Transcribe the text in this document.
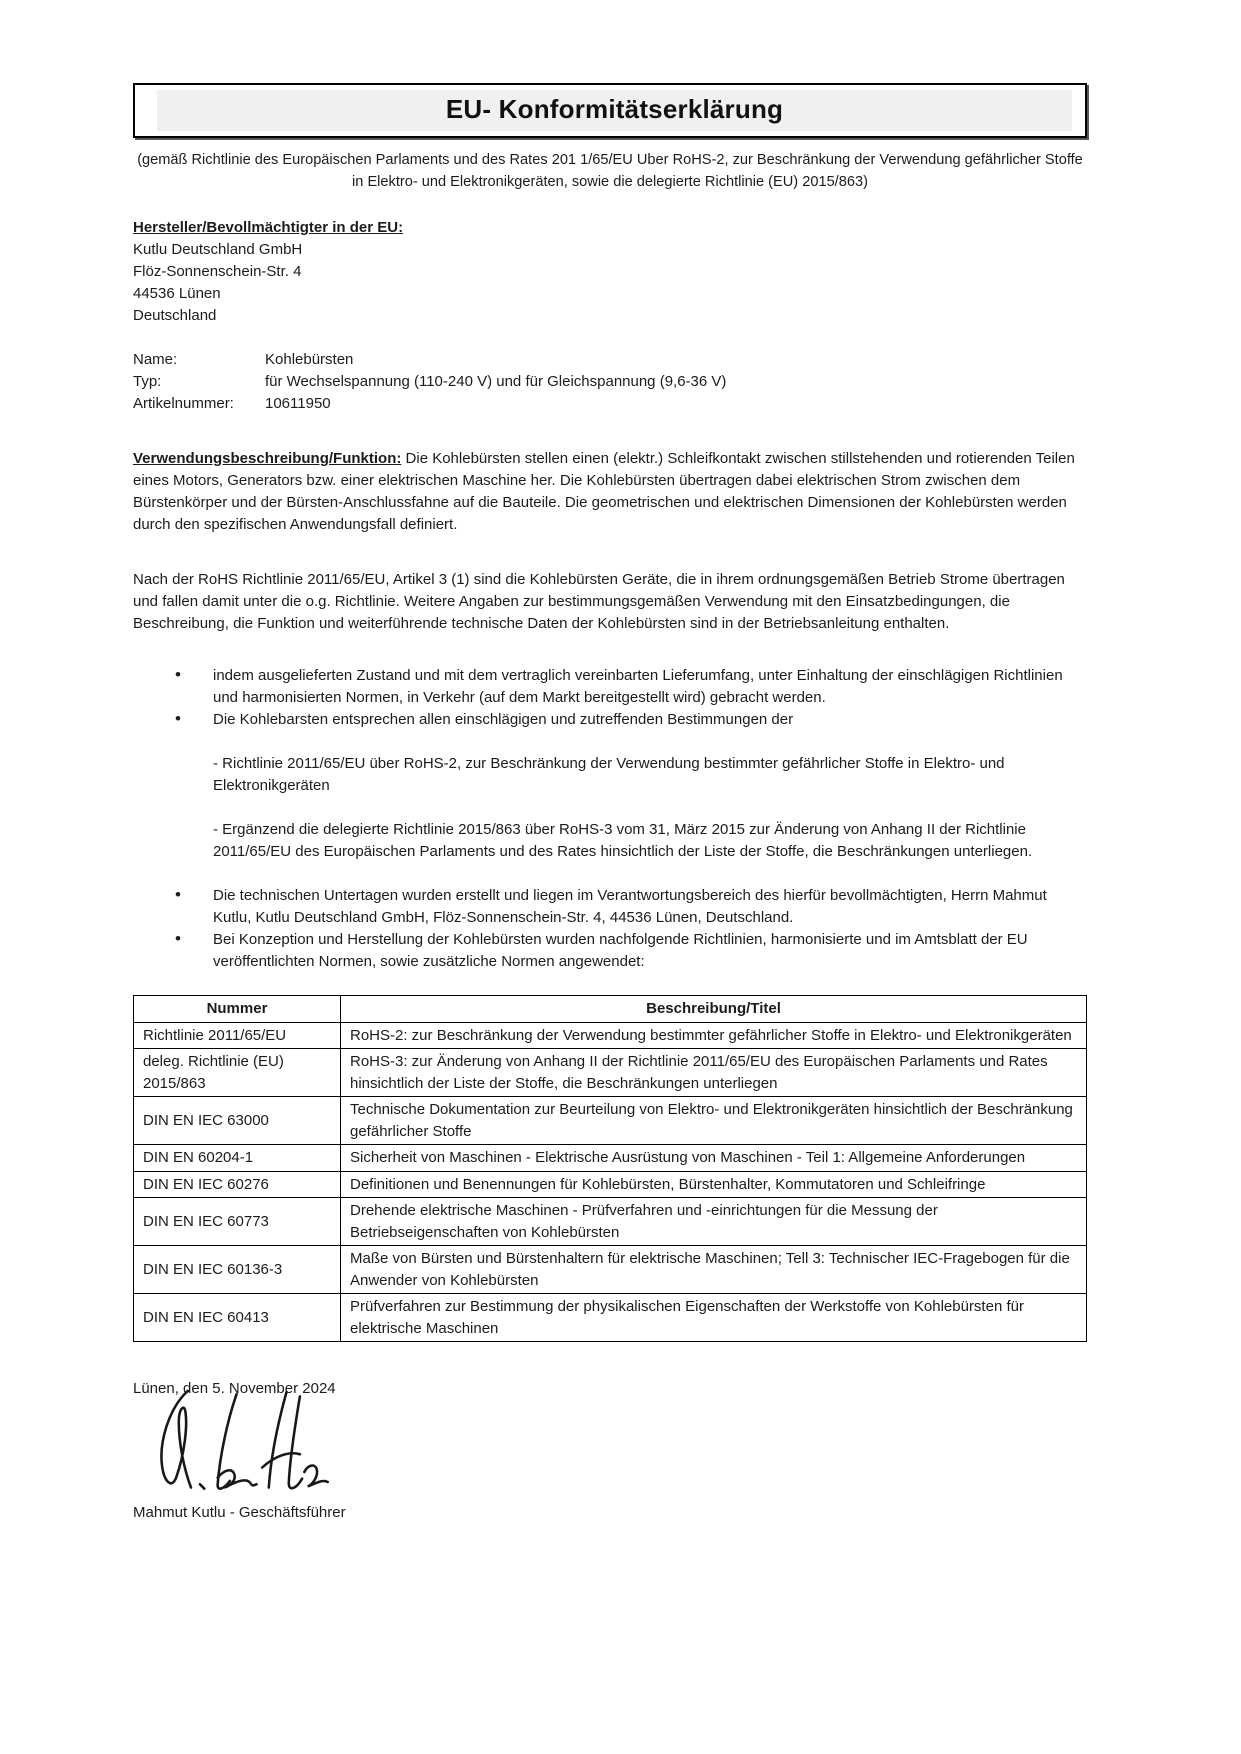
EU- Konformitätserklärung
(gemäß Richtlinie des Europäischen Parlaments und des Rates 201 1/65/EU Uber RoHS-2, zur Beschränkung der Verwendung gefährlicher Stoffe in Elektro- und Elektronikgeräten, sowie die delegierte Richtlinie (EU) 2015/863)
Hersteller/Bevollmächtigter in der EU:
Kutlu Deutschland GmbH
Flöz-Sonnenschein-Str. 4
44536 Lünen
Deutschland
Name:	Kohlebürsten
Typ:	für Wechselspannung (110-240 V) und für Gleichspannung (9,6-36 V)
Artikelnummer:	10611950
Verwendungsbeschreibung/Funktion: Die Kohlebürsten stellen einen (elektr.) Schleifkontakt zwischen stillstehenden und rotierenden Teilen eines Motors, Generators bzw. einer elektrischen Maschine her. Die Kohlebürsten übertragen dabei elektrischen Strom zwischen dem Bürstenkörper und der Bürsten-Anschlussfahne auf die Bauteile. Die geometrischen und elektrischen Dimensionen der Kohlebürsten werden durch den spezifischen Anwendungsfall definiert.
Nach der RoHS Richtlinie 2011/65/EU, Artikel 3 (1) sind die Kohlebürsten Geräte, die in ihrem ordnungsgemäßen Betrieb Strome übertragen und fallen damit unter die o.g. Richtlinie. Weitere Angaben zur bestimmungsgemäßen Verwendung mit den Einsatzbedingungen, die Beschreibung, die Funktion und weiterführende technische Daten der Kohlebürsten sind in der Betriebsanleitung enthalten.
• indem ausgelieferten Zustand und mit dem vertraglich vereinbarten Lieferumfang, unter Einhaltung der einschlägigen Richtlinien und harmonisierten Normen, in Verkehr (auf dem Markt bereitgestellt wird) gebracht werden.
• Die Kohlebarsten entsprechen allen einschlägigen und zutreffenden Bestimmungen der
- Richtlinie 2011/65/EU über RoHS-2, zur Beschränkung der Verwendung bestimmter gefährlicher Stoffe in Elektro- und Elektronikgeräten
- Ergänzend die delegierte Richtlinie 2015/863 über RoHS-3 vom 31, März 2015 zur Änderung von Anhang II der Richtlinie 2011/65/EU des Europäischen Parlaments und des Rates hinsichtlich der Liste der Stoffe, die Beschränkungen unterliegen.
• Die technischen Untertagen wurden erstellt und liegen im Verantwortungsbereich des hierfür bevollmächtigten, Herrn Mahmut Kutlu, Kutlu Deutschland GmbH, Flöz-Sonnenschein-Str. 4, 44536 Lünen, Deutschland.
• Bei Konzeption und Herstellung der Kohlebürsten wurden nachfolgende Richtlinien, harmonisierte und im Amtsblatt der EU veröffentlichten Normen, sowie zusätzliche Normen angewendet:
Nummer	Beschreibung/Titel
Richtlinie 2011/65/EU	RoHS-2: zur Beschränkung der Verwendung bestimmter gefährlicher Stoffe in Elektro- und Elektronikgeräten
deleg. Richtlinie (EU) 2015/863	RoHS-3: zur Änderung von Anhang II der Richtlinie 2011/65/EU des Europäischen Parlaments und Rates hinsichtlich der Liste der Stoffe, die Beschränkungen unterliegen
DIN EN IEC 63000	Technische Dokumentation zur Beurteilung von Elektro- und Elektronikgeräten hinsichtlich der Beschränkung gefährlicher Stoffe
DIN EN 60204-1	Sicherheit von Maschinen - Elektrische Ausrüstung von Maschinen - Teil 1: Allgemeine Anforderungen
DIN EN IEC 60276	Definitionen und Benennungen für Kohlebürsten, Bürstenhalter, Kommutatoren und Schleifringe
DIN EN IEC 60773	Drehende elektrische Maschinen - Prüfverfahren und -einrichtungen für die Messung der Betriebseigenschaften von Kohlebürsten
DIN EN IEC 60136-3	Maße von Bürsten und Bürstenhaltern für elektrische Maschinen; Tell 3: Technischer IEC-Fragebogen für die Anwender von Kohlebürsten
DIN EN IEC 60413	Prüfverfahren zur Bestimmung der physikalischen Eigenschaften der Werkstoffe von Kohlebürsten für elektrische Maschinen
Lünen, den 5. November 2024
Mahmut Kutlu - Geschäftsführer
